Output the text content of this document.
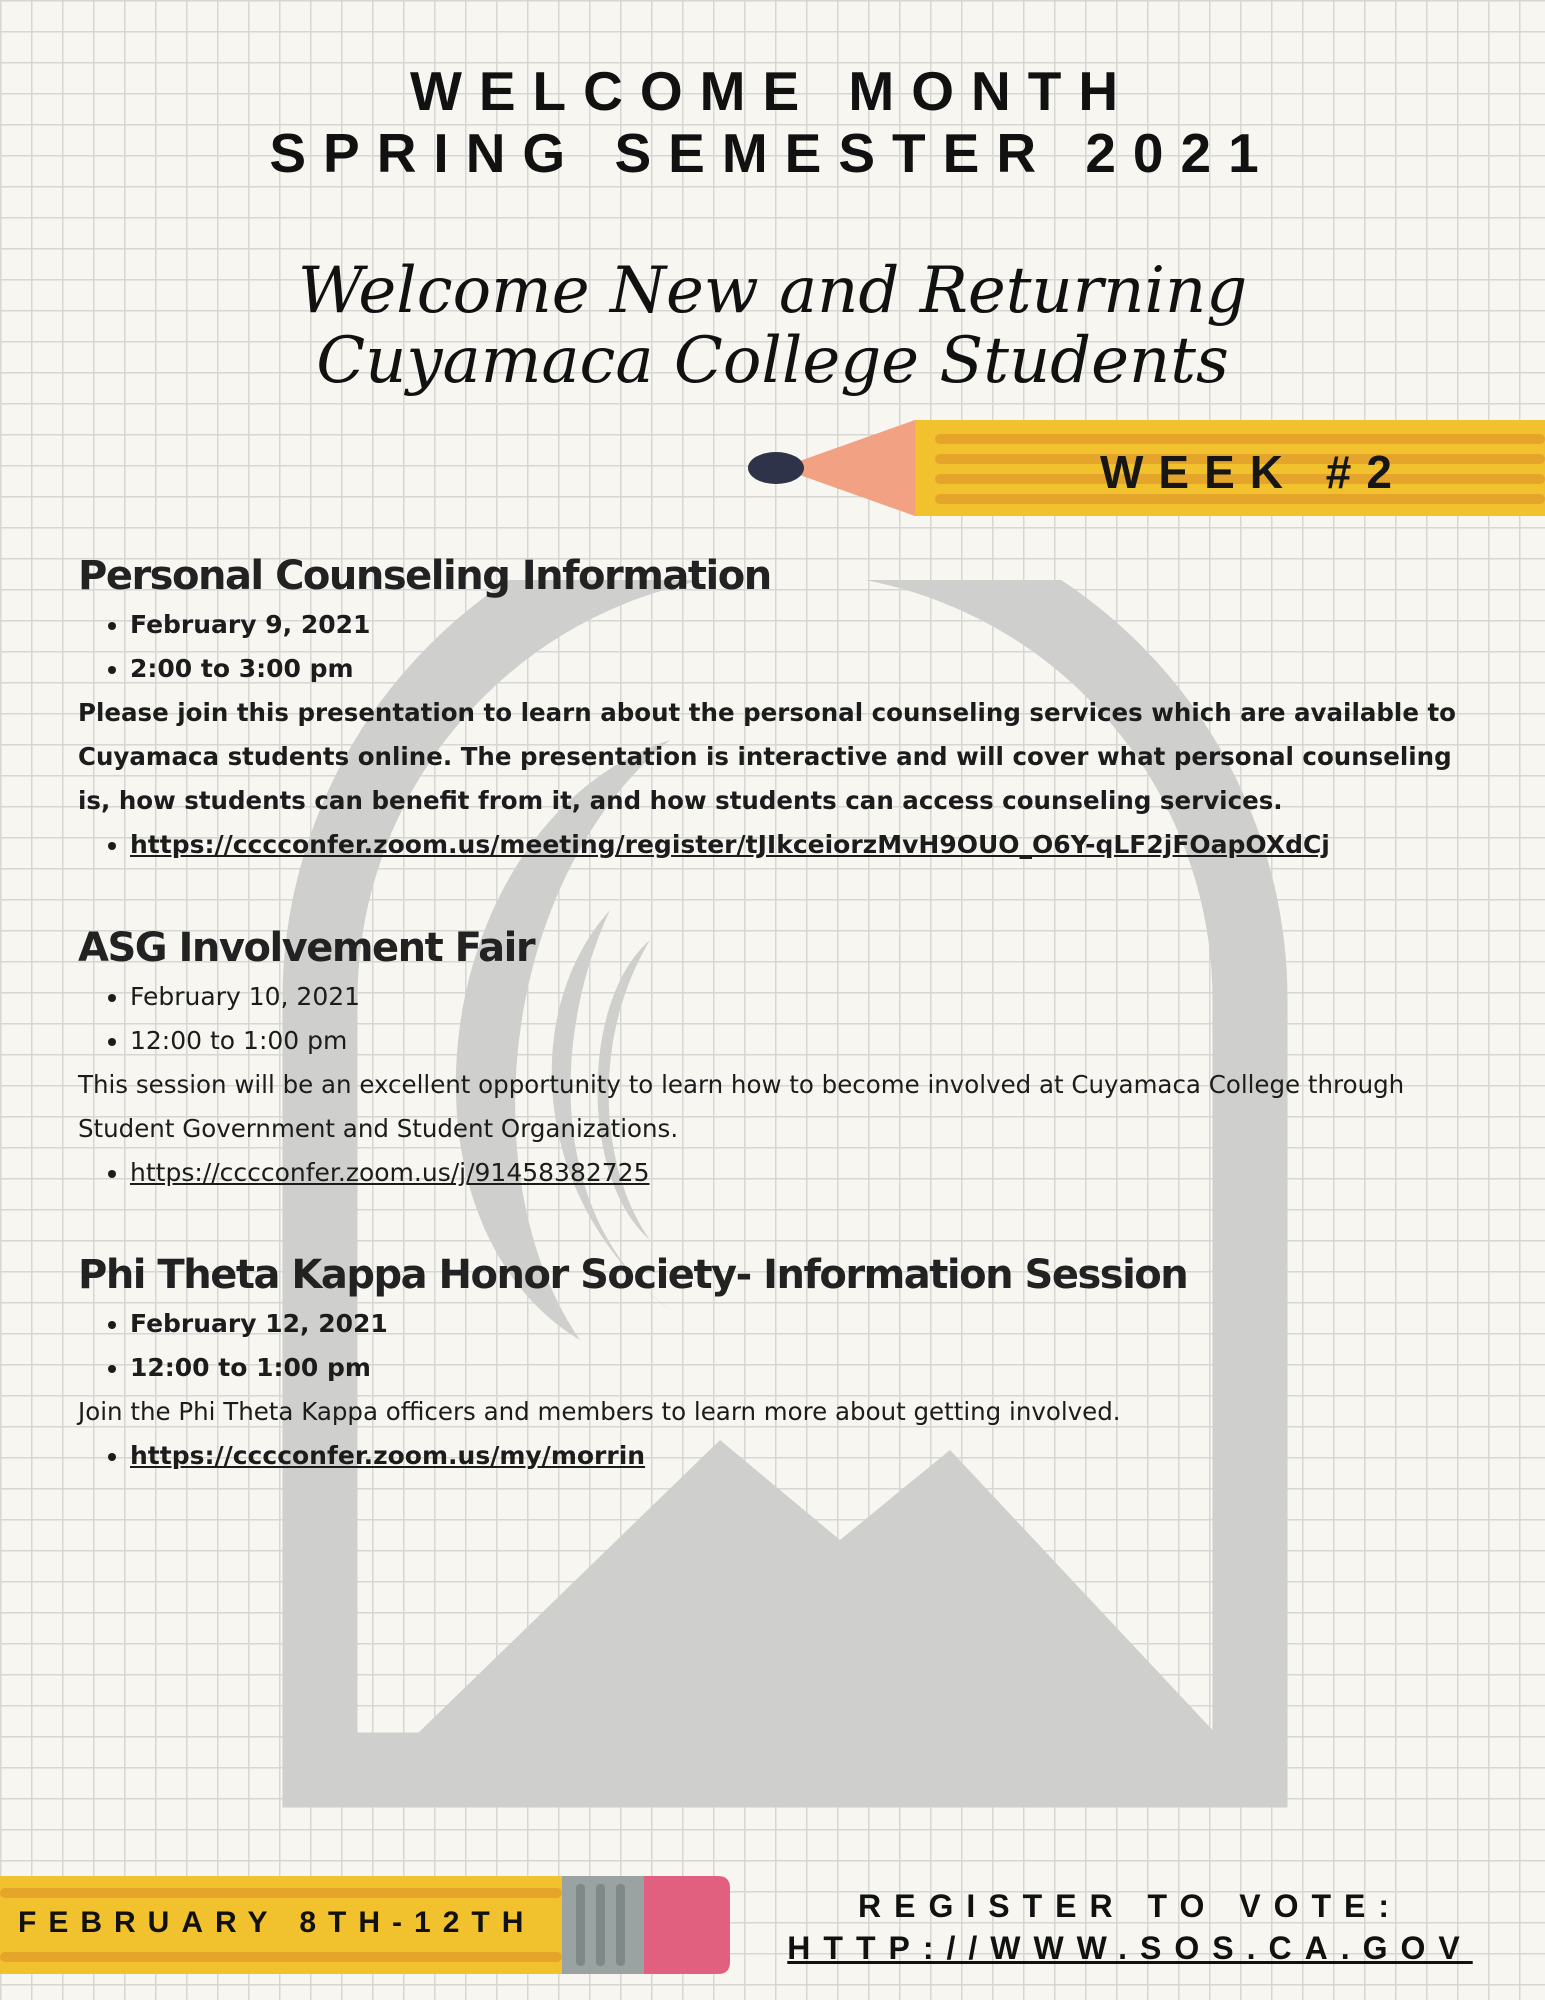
WELCOME MONTH
SPRING SEMESTER 2021
Welcome New and Returning
Cuyamaca College Students
WEEK #2
Personal Counseling Information
• February 9, 2021
• 2:00 to 3:00 pm

Please join this presentation to learn about the personal counseling services which are available to Cuyamaca students online. The presentation is interactive and will cover what personal counseling is, how students can benefit from it, and how students can access counseling services.

• https://cccconfer.zoom.us/meeting/register/tJIkceiorzMvH9OUO_O6Y-qLF2jFOapOXdCj
ASG Involvement Fair
• February 10, 2021
• 12:00 to 1:00 pm

This session will be an excellent opportunity to learn how to become involved at Cuyamaca College through Student Government and Student Organizations.

• https://cccconfer.zoom.us/j/91458382725
Phi Theta Kappa Honor Society- Information Session
• February 12, 2021
• 12:00 to 1:00 pm

Join the Phi Theta Kappa officers and members to learn more about getting involved.

• https://cccconfer.zoom.us/my/morrin
FEBRUARY 8TH-12TH	REGISTER TO VOTE:
HTTP://WWW.SOS.CA.GOV
